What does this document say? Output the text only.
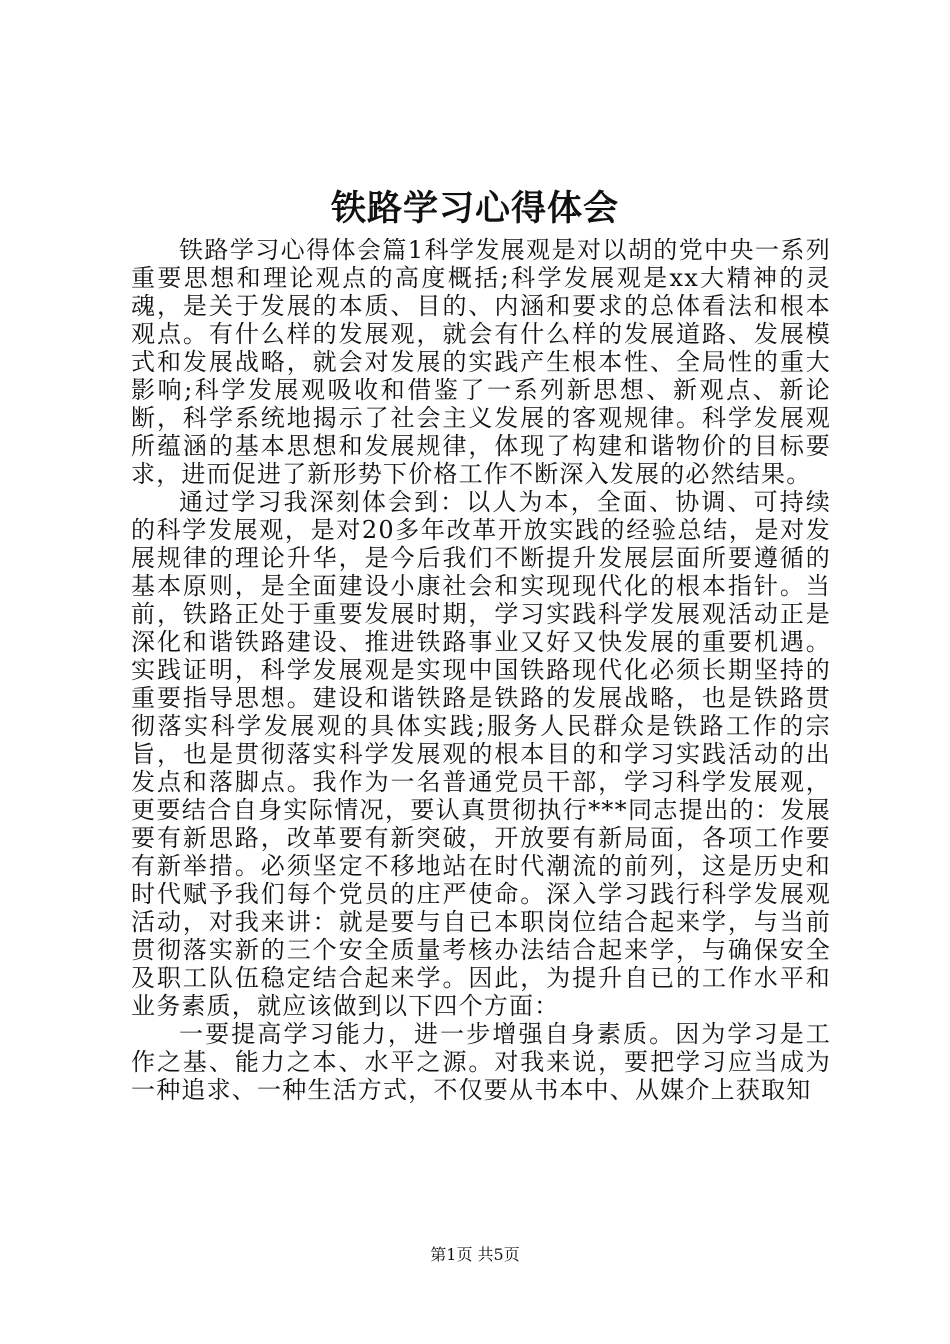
铁路学习心得体会

铁路学习心得体会篇1科学发展观是对以胡的党中央一系列重要思想和理论观点的高度概括;科学发展观是xx大精神的灵魂，是关于发展的本质、目的、内涵和要求的总体看法和根本观点。有什么样的发展观，就会有什么样的发展道路、发展模式和发展战略，就会对发展的实践产生根本性、全局性的重大影响;科学发展观吸收和借鉴了一系列新思想、新观点、新论断，科学系统地揭示了社会主义发展的客观规律。科学发展观所蕴涵的基本思想和发展规律，体现了构建和谐物价的目标要求，进而促进了新形势下价格工作不断深入发展的必然结果。

通过学习我深刻体会到：以人为本，全面、协调、可持续的科学发展观，是对20多年改革开放实践的经验总结，是对发展规律的理论升华，是今后我们不断提升发展层面所要遵循的基本原则，是全面建设小康社会和实现现代化的根本指针。当前，铁路正处于重要发展时期，学习实践科学发展观活动正是深化和谐铁路建设、推进铁路事业又好又快发展的重要机遇。实践证明，科学发展观是实现中国铁路现代化必须长期坚持的重要指导思想。建设和谐铁路是铁路的发展战略，也是铁路贯彻落实科学发展观的具体实践;服务人民群众是铁路工作的宗旨，也是贯彻落实科学发展观的根本目的和学习实践活动的出发点和落脚点。我作为一名普通党员干部，学习科学发展观，更要结合自身实际情况，要认真贯彻执行***同志提出的：发展要有新思路，改革要有新突破，开放要有新局面，各项工作要有新举措。必须坚定不移地站在时代潮流的前列，这是历史和时代赋予我们每个党员的庄严使命。深入学习践行科学发展观活动，对我来讲：就是要与自已本职岗位结合起来学，与当前贯彻落实新的三个安全质量考核办法结合起来学，与确保安全及职工队伍稳定结合起来学。因此，为提升自已的工作水平和业务素质，就应该做到以下四个方面：

一要提高学习能力，进一步增强自身素质。因为学习是工作之基、能力之本、水平之源。对我来说，要把学习应当成为一种追求、一种生活方式，不仅要从书本中、从媒介上获取知

第1页 共5页
